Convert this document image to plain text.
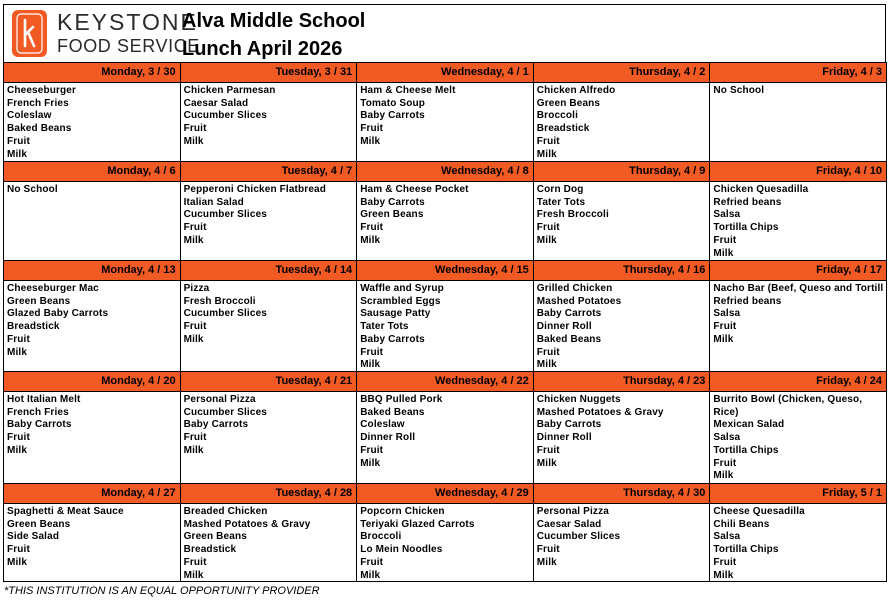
KEYSTONE
FOOD SERVICE
Alva Middle School
Lunch April 2026
Monday, 3 / 30
Cheeseburger
French Fries
Coleslaw
Baked Beans
Fruit
Milk
Tuesday, 3 / 31
Chicken Parmesan
Caesar Salad
Cucumber Slices
Fruit
Milk
Wednesday, 4 / 1
Ham & Cheese Melt
Tomato Soup
Baby Carrots
Fruit
Milk
Thursday, 4 / 2
Chicken Alfredo
Green Beans
Broccoli
Breadstick
Fruit
Milk
Friday, 4 / 3
No School
Monday, 4 / 6
No School
Tuesday, 4 / 7
Pepperoni Chicken Flatbread
Italian Salad
Cucumber Slices
Fruit
Milk
Wednesday, 4 / 8
Ham & Cheese Pocket
Baby Carrots
Green Beans
Fruit
Milk
Thursday, 4 / 9
Corn Dog
Tater Tots
Fresh Broccoli
Fruit
Milk
Friday, 4 / 10
Chicken Quesadilla
Refried beans
Salsa
Tortilla Chips
Fruit
Milk
Monday, 4 / 13
Cheeseburger Mac
Green Beans
Glazed Baby Carrots
Breadstick
Fruit
Milk
Tuesday, 4 / 14
Pizza
Fresh Broccoli
Cucumber Slices
Fruit
Milk
Wednesday, 4 / 15
Waffle and Syrup
Scrambled Eggs
Sausage Patty
Tater Tots
Baby Carrots
Fruit
Milk
Thursday, 4 / 16
Grilled Chicken
Mashed Potatoes
Baby Carrots
Dinner Roll
Baked Beans
Fruit
Milk
Friday, 4 / 17
Nacho Bar (Beef, Queso and Tortill
Refried beans
Salsa
Fruit
Milk
Monday, 4 / 20
Hot Italian Melt
French Fries
Baby Carrots
Fruit
Milk
Tuesday, 4 / 21
Personal Pizza
Cucumber Slices
Baby Carrots
Fruit
Milk
Wednesday, 4 / 22
BBQ Pulled Pork
Baked Beans
Coleslaw
Dinner Roll
Fruit
Milk
Thursday, 4 / 23
Chicken Nuggets
Mashed Potatoes & Gravy
Baby Carrots
Dinner Roll
Fruit
Milk
Friday, 4 / 24
Burrito Bowl (Chicken, Queso, Rice)
Mexican Salad
Salsa
Tortilla Chips
Fruit
Milk
Monday, 4 / 27
Spaghetti & Meat Sauce
Green Beans
Side Salad
Fruit
Milk
Tuesday, 4 / 28
Breaded Chicken
Mashed Potatoes & Gravy
Green Beans
Breadstick
Fruit
Milk
Wednesday, 4 / 29
Popcorn Chicken
Teriyaki Glazed Carrots
Broccoli
Lo Mein Noodles
Fruit
Milk
Thursday, 4 / 30
Personal Pizza
Caesar Salad
Cucumber Slices
Fruit
Milk
Friday, 5 / 1
Cheese Quesadilla
Chili Beans
Salsa
Tortilla Chips
Fruit
Milk
*THIS INSTITUTION IS AN EQUAL OPPORTUNITY PROVIDER
